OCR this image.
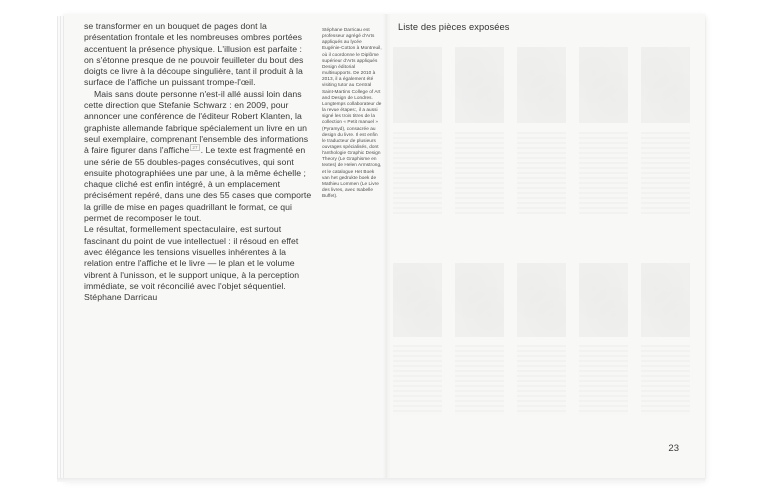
se transformer en un bouquet de pages dont la présentation frontale et les nombreuses ombres portées accentuent la présence physique. L'illusion est parfaite : on s'étonne presque de ne pouvoir feuilleter du bout des doigts ce livre à la découpe singulière, tant il produit à la surface de l'affiche un puissant trompe-l'œil.

Mais sans doute personne n'est-il allé aussi loin dans cette direction que Stefanie Schwarz : en 2009, pour annoncer une conférence de l'éditeur Robert Klanten, la graphiste allemande fabrique spécialement un livre en un seul exemplaire, comprenant l'ensemble des informations à faire figurer dans l'affiche $^{27}$ . Le texte est fragmenté en une série de 55 doubles-pages consécutives, qui sont ensuite photographiées une par une, à la même échelle ; chaque cliché est enfin intégré, à un emplacement précisément repéré, dans une des 55 cases que comporte la grille de mise en pages quadrillant le format, ce qui permet de recomposer le tout.

Le résultat, formellement spectaculaire, est surtout fascinant du point de vue intellectuel : il résoud en effet avec élégance les tensions visuelles inhérentes à la relation entre l'affiche et le livre — le plan et le volume vibrent à l'unisson, et le support unique, à la perception immédiate, se voit réconcilié avec l'objet séquentiel.

Stéphane Darricau

Stéphane Darricau est professeur agrégé d'Arts appliqués au lycée Eugénie-Cotton à Montreuil, où il coordonne le Diplôme supérieur d'Arts appliqués Design éditorial multisupports. De 2010 à 2013, il a également été visiting tutor au Central Saint-Martins College of Art and Design de Londres. Longtemps collaborateur de la revue étapes:, il a aussi signé les trois titres de la collection « Petit manuel » (Pyramyd), consacrée au design du livre. Il est enfin le traducteur de plusieurs ouvrages spécialisés, dont l'anthologie Graphic Design Theory (Le Graphisme en textes) de Helen Armstrong, et le catalogue Het Boek van het gedrukte boek de Mathieu Lommen (Le Livre des livres, avec Isabelle Buffet).
Liste des pièces exposées
23
